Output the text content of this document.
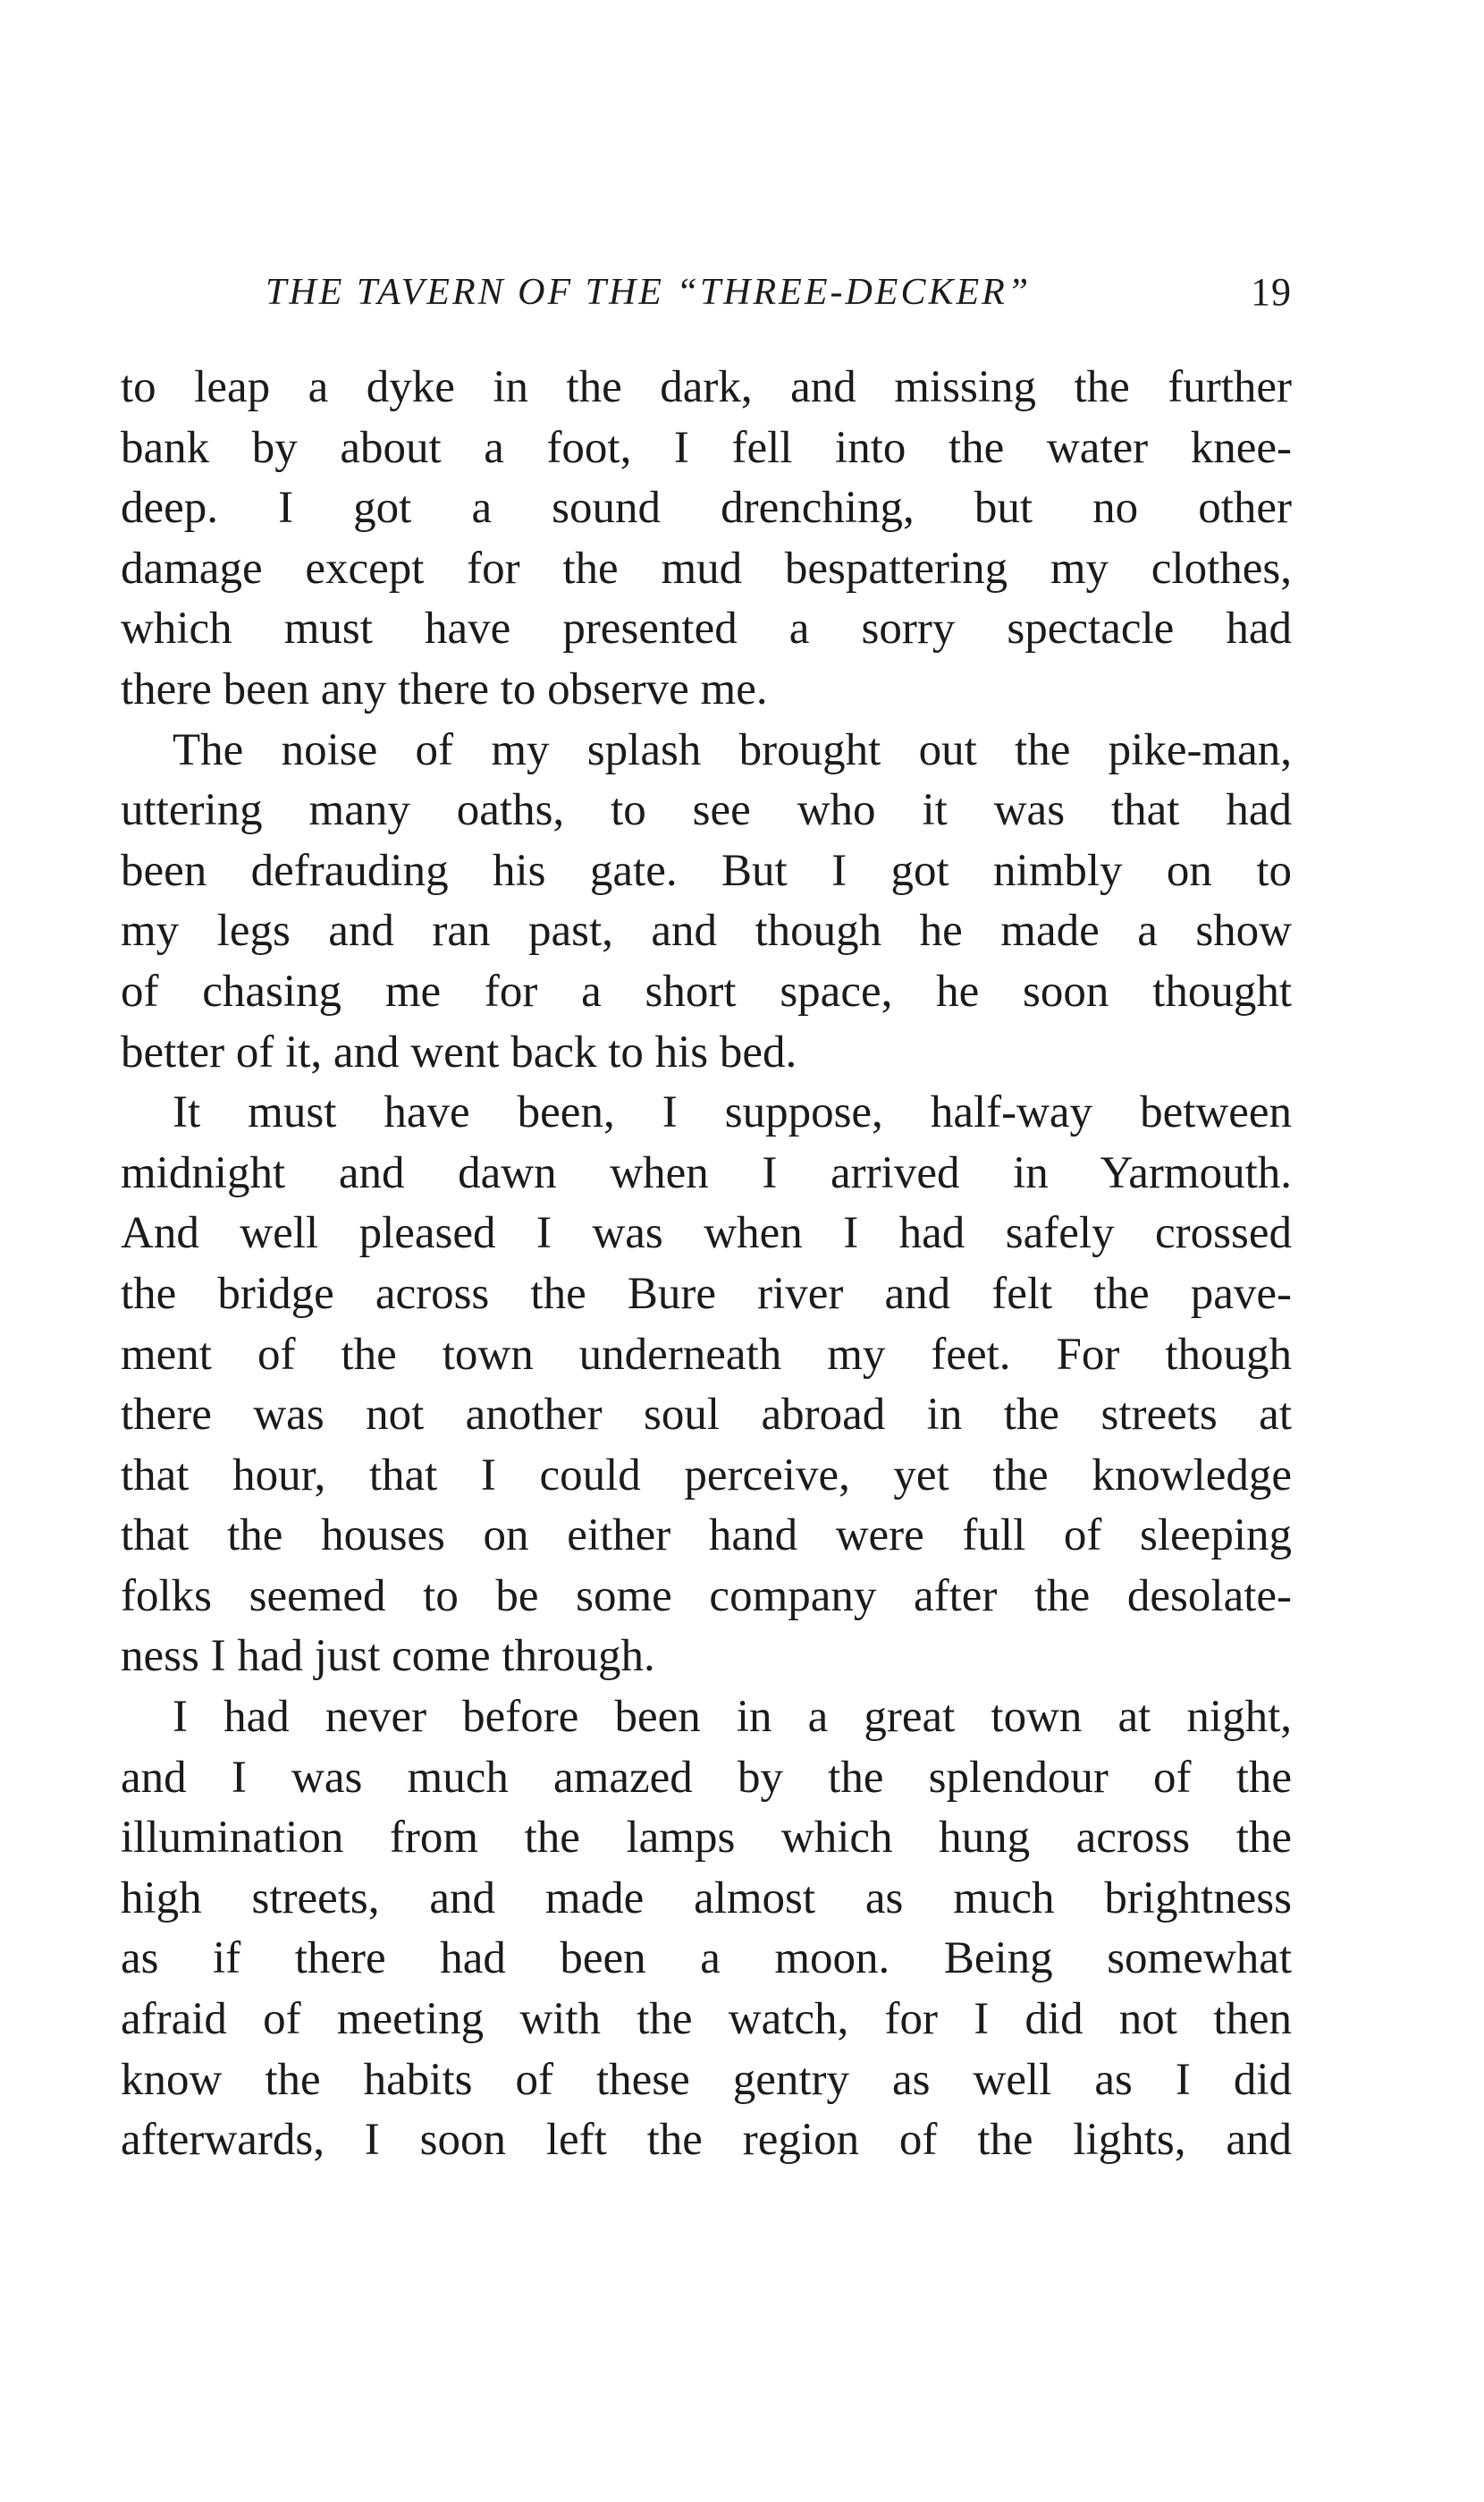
THE TAVERN OF THE “THREE-DECKER”	19

to leap a dyke in the dark, and missing the further
bank by about a foot, I fell into the water knee-
deep. I got a sound drenching, but no other
damage except for the mud bespattering my clothes,
which must have presented a sorry spectacle had
there been any there to observe me.

The noise of my splash brought out the pike-man,
uttering many oaths, to see who it was that had
been defrauding his gate. But I got nimbly on to
my legs and ran past, and though he made a show
of chasing me for a short space, he soon thought
better of it, and went back to his bed.

It must have been, I suppose, half-way between
midnight and dawn when I arrived in Yarmouth.
And well pleased I was when I had safely crossed
the bridge across the Bure river and felt the pave-
ment of the town underneath my feet. For though
there was not another soul abroad in the streets at
that hour, that I could perceive, yet the knowledge
that the houses on either hand were full of sleeping
folks seemed to be some company after the desolate-
ness I had just come through.

I had never before been in a great town at night,
and I was much amazed by the splendour of the
illumination from the lamps which hung across the
high streets, and made almost as much brightness
as if there had been a moon. Being somewhat
afraid of meeting with the watch, for I did not then
know the habits of these gentry as well as I did
afterwards, I soon left the region of the lights, and
